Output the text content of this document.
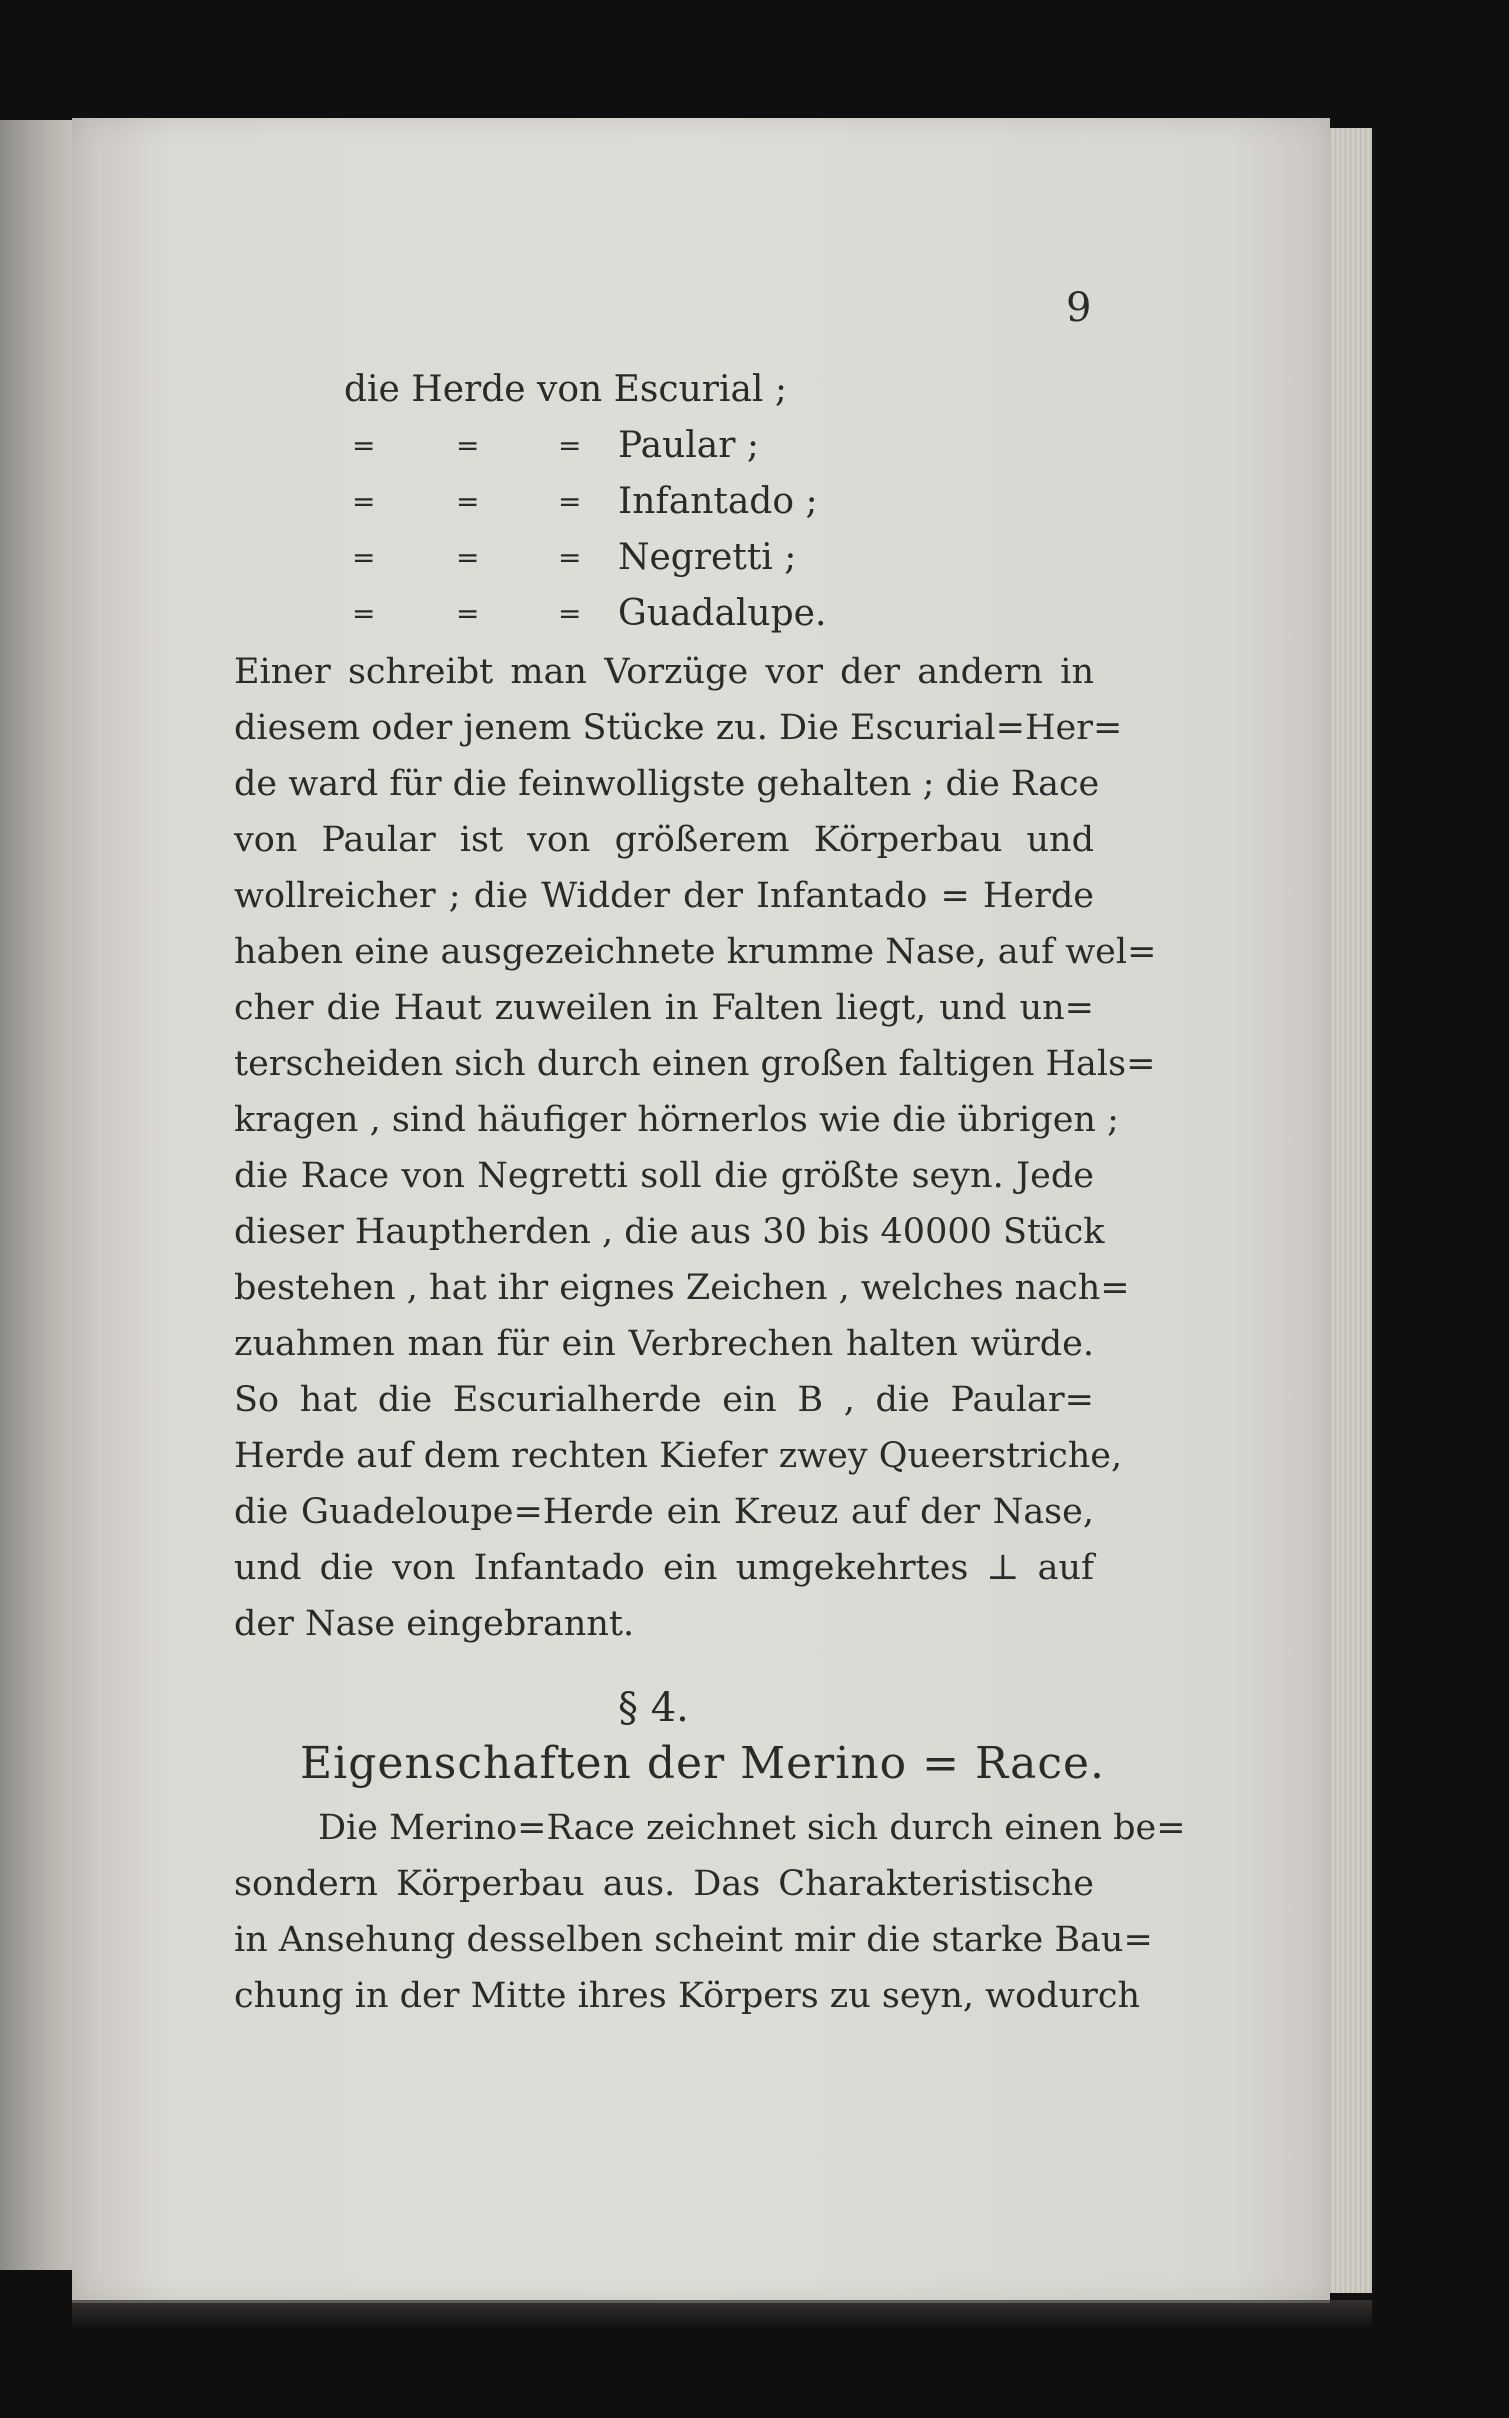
9
die Herde von Escurial ;
=	=	= Paular ;
=	=	= Infantado ;
=	=	= Negretti ;
=	=	= Guadalupe.
Einer schreibt man Vorzüge vor der andern in
diesem oder jenem Stücke zu. Die Escurial=Her=
de ward für die feinwolligste gehalten ; die Race
von Paular ist von größerem Körperbau und
wollreicher ; die Widder der Infantado = Herde
haben eine ausgezeichnete krumme Nase, auf wel=
cher die Haut zuweilen in Falten liegt, und un=
terscheiden sich durch einen großen faltigen Hals=
kragen , sind häufiger hörnerlos wie die übrigen ;
die Race von Negretti soll die größte seyn. Jede
dieser Hauptherden , die aus 30 bis 40000 Stück
bestehen , hat ihr eignes Zeichen , welches nach=
zuahmen man für ein Verbrechen halten würde.
So hat die Escurialherde ein B , die Paular=
Herde auf dem rechten Kiefer zwey Queerstriche,
die Guadeloupe=Herde ein Kreuz auf der Nase,
und die von Infantado ein umgekehrtes ⊥ auf
der Nase eingebrannt.
§ 4.
Eigenschaften der Merino = Race.
Die Merino=Race zeichnet sich durch einen be=
sondern Körperbau aus. Das Charakteristische
in Ansehung desselben scheint mir die starke Bau=
chung in der Mitte ihres Körpers zu seyn, wodurch
